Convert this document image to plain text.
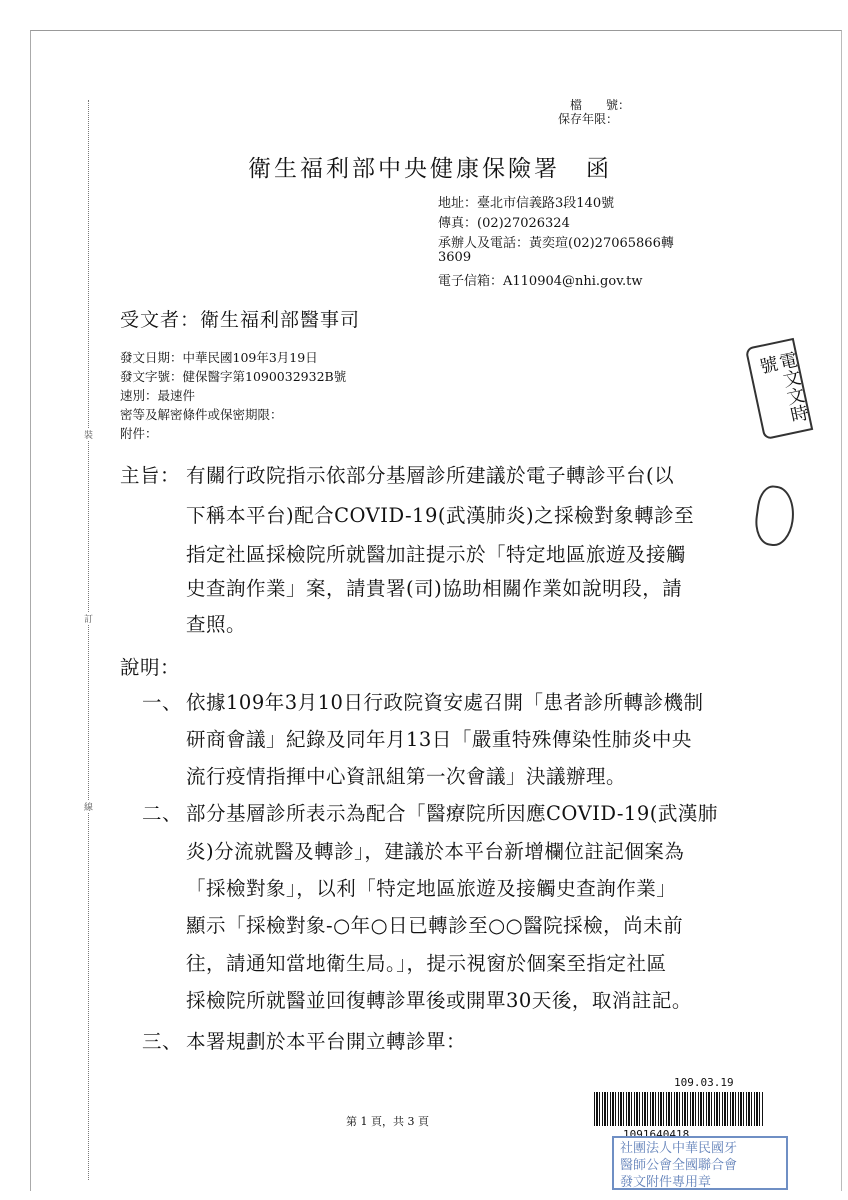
裝
訂
線
檔　　號：
保存年限：
衛生福利部中央健康保險署　函
地址：臺北市信義路3段140號
傳真：(02)27026324
承辦人及電話：黃奕瑄(02)27065866轉
3609
電子信箱：A110904@nhi.gov.tw
受文者：衛生福利部醫事司
發文日期：中華民國109年3月19日
發文字號：健保醫字第1090032932B號
速別：最速件
密等及解密條件或保密期限：
附件：
主旨： 有關行政院指示依部分基層診所建議於電子轉診平台(以
下稱本平台)配合COVID-19(武漢肺炎)之採檢對象轉診至
指定社區採檢院所就醫加註提示於「特定地區旅遊及接觸
史查詢作業」案，請貴署(司)協助相關作業如說明段，請
查照。
說明：
一、 依據109年3月10日行政院資安處召開「患者診所轉診機制
研商會議」紀錄及同年月13日「嚴重特殊傳染性肺炎中央
流行疫情指揮中心資訊組第一次會議」決議辦理。
二、 部分基層診所表示為配合「醫療院所因應COVID-19(武漢肺
炎)分流就醫及轉診」，建議於本平台新增欄位註記個案為
「採檢對象」，以利「特定地區旅遊及接觸史查詢作業」
顯示「採檢對象-○年○日已轉診至○○醫院採檢，尚未前
往，請通知當地衛生局。」，提示視窗於個案至指定社區
採檢院所就醫並回復轉診單後或開單30天後，取消註記。
三、 本署規劃於本平台開立轉診單：
電文文時號
109.03.19
1091640418
社團法人中華民國牙
醫師公會全國聯合會
發文附件專用章
第 1 頁，共 3 頁
